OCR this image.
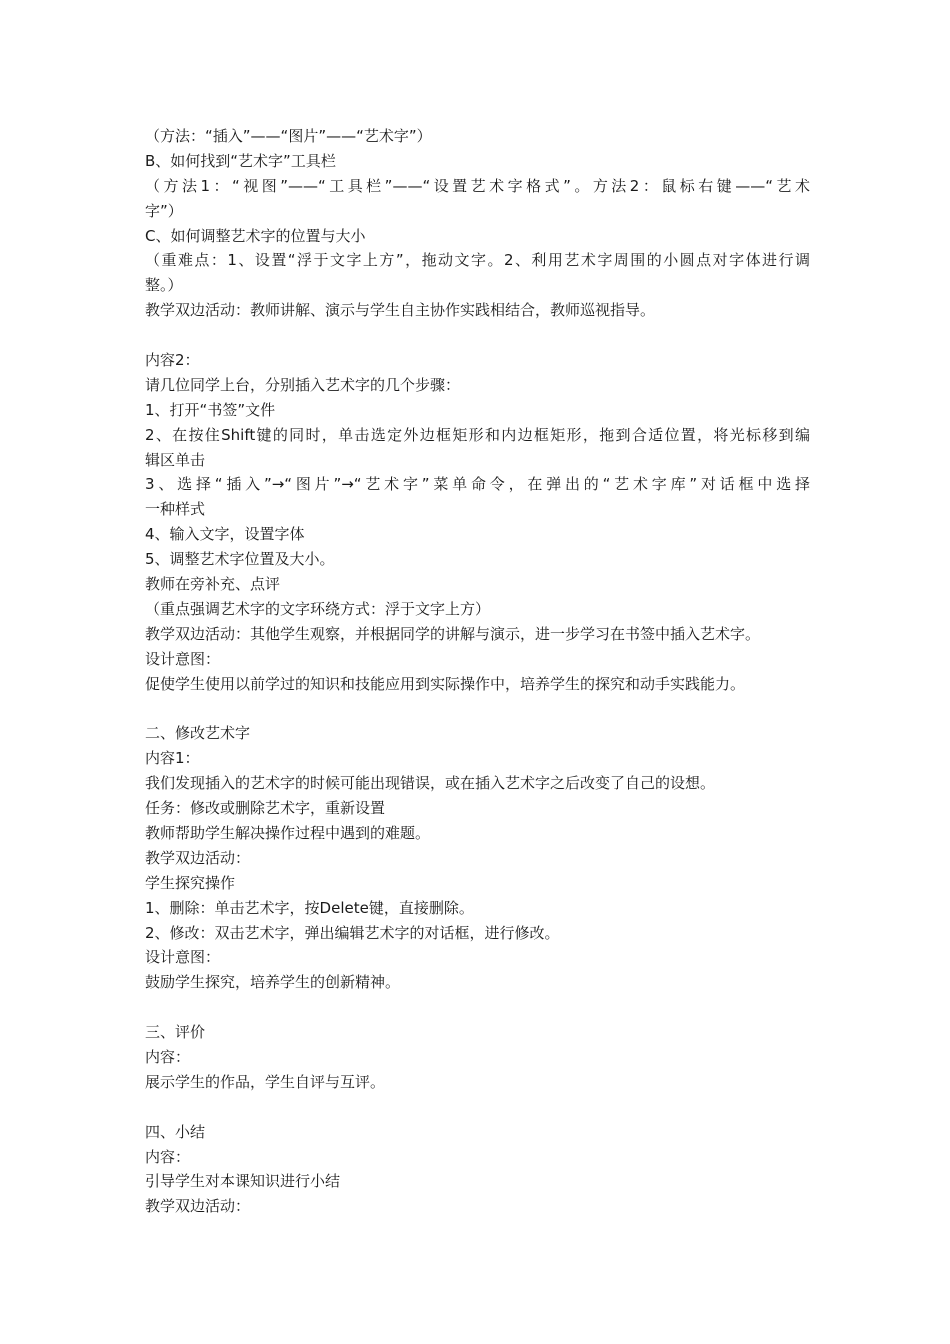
（方法：“插入”——“图片”——“艺术字”）
B、如何找到“艺术字”工具栏
（方法1：“视图”——“工具栏”——“设置艺术字格式”。方法2：鼠标右键——“艺术
字”）
C、如何调整艺术字的位置与大小
（重难点：1、设置“浮于文字上方”，拖动文字。2、利用艺术字周围的小圆点对字体进行调
整。）
教学双边活动：教师讲解、演示与学生自主协作实践相结合，教师巡视指导。
内容2：
请几位同学上台，分别插入艺术字的几个步骤：
1、打开“书签”文件
2、在按住Shift键的同时，单击选定外边框矩形和内边框矩形，拖到合适位置，将光标移到编
辑区单击
3、选择“插入”→“图片”→“艺术字”菜单命令，在弹出的“艺术字库”对话框中选择
一种样式
4、输入文字，设置字体
5、调整艺术字位置及大小。
教师在旁补充、点评
（重点强调艺术字的文字环绕方式：浮于文字上方）
教学双边活动：其他学生观察，并根据同学的讲解与演示，进一步学习在书签中插入艺术字。
设计意图：
促使学生使用以前学过的知识和技能应用到实际操作中，培养学生的探究和动手实践能力。
二、修改艺术字
内容1：
我们发现插入的艺术字的时候可能出现错误，或在插入艺术字之后改变了自己的设想。
任务：修改或删除艺术字，重新设置
教师帮助学生解决操作过程中遇到的难题。
教学双边活动：
学生探究操作
1、删除：单击艺术字，按Delete键，直接删除。
2、修改：双击艺术字，弹出编辑艺术字的对话框，进行修改。
设计意图：
鼓励学生探究，培养学生的创新精神。
三、评价
内容：
展示学生的作品，学生自评与互评。
四、小结
内容：
引导学生对本课知识进行小结
教学双边活动：
